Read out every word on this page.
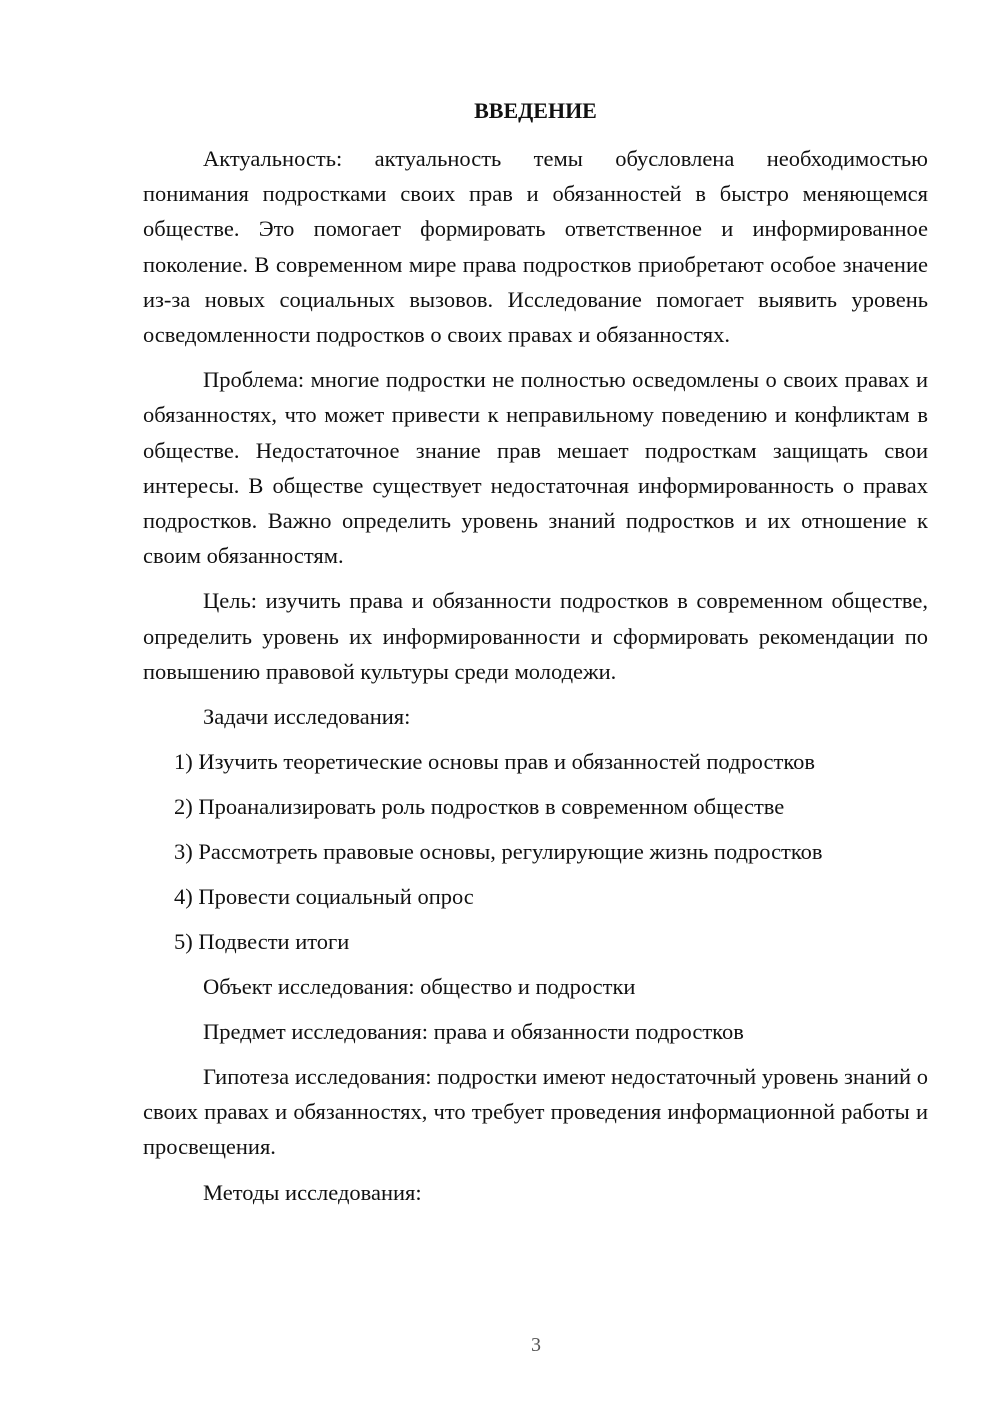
ВВЕДЕНИЕ

Актуальность: актуальность темы обусловлена необходимостью понимания подростками своих прав и обязанностей в быстро меняющемся обществе. Это помогает формировать ответственное и информированное поколение. В современном мире права подростков приобретают особое значение из-за новых социальных вызовов. Исследование помогает выявить уровень осведомленности подростков о своих правах и обязанностях.

Проблема: многие подростки не полностью осведомлены о своих правах и обязанностях, что может привести к неправильному поведению и конфликтам в обществе. Недостаточное знание прав мешает подросткам защищать свои интересы. В обществе существует недостаточная информированность о правах подростков. Важно определить уровень знаний подростков и их отношение к своим обязанностям.

Цель: изучить права и обязанности подростков в современном обществе, определить уровень их информированности и сформировать рекомендации по повышению правовой культуры среди молодежи.

Задачи исследования:
1) Изучить теоретические основы прав и обязанностей подростков
2) Проанализировать роль подростков в современном обществе
3) Рассмотреть правовые основы, регулирующие жизнь подростков
4) Провести социальный опрос
5) Подвести итоги
Объект исследования: общество и подростки
Предмет исследования: права и обязанности подростков

Гипотеза исследования: подростки имеют недостаточный уровень знаний о своих правах и обязанностях, что требует проведения информационной работы и просвещения.

Методы исследования:
3
